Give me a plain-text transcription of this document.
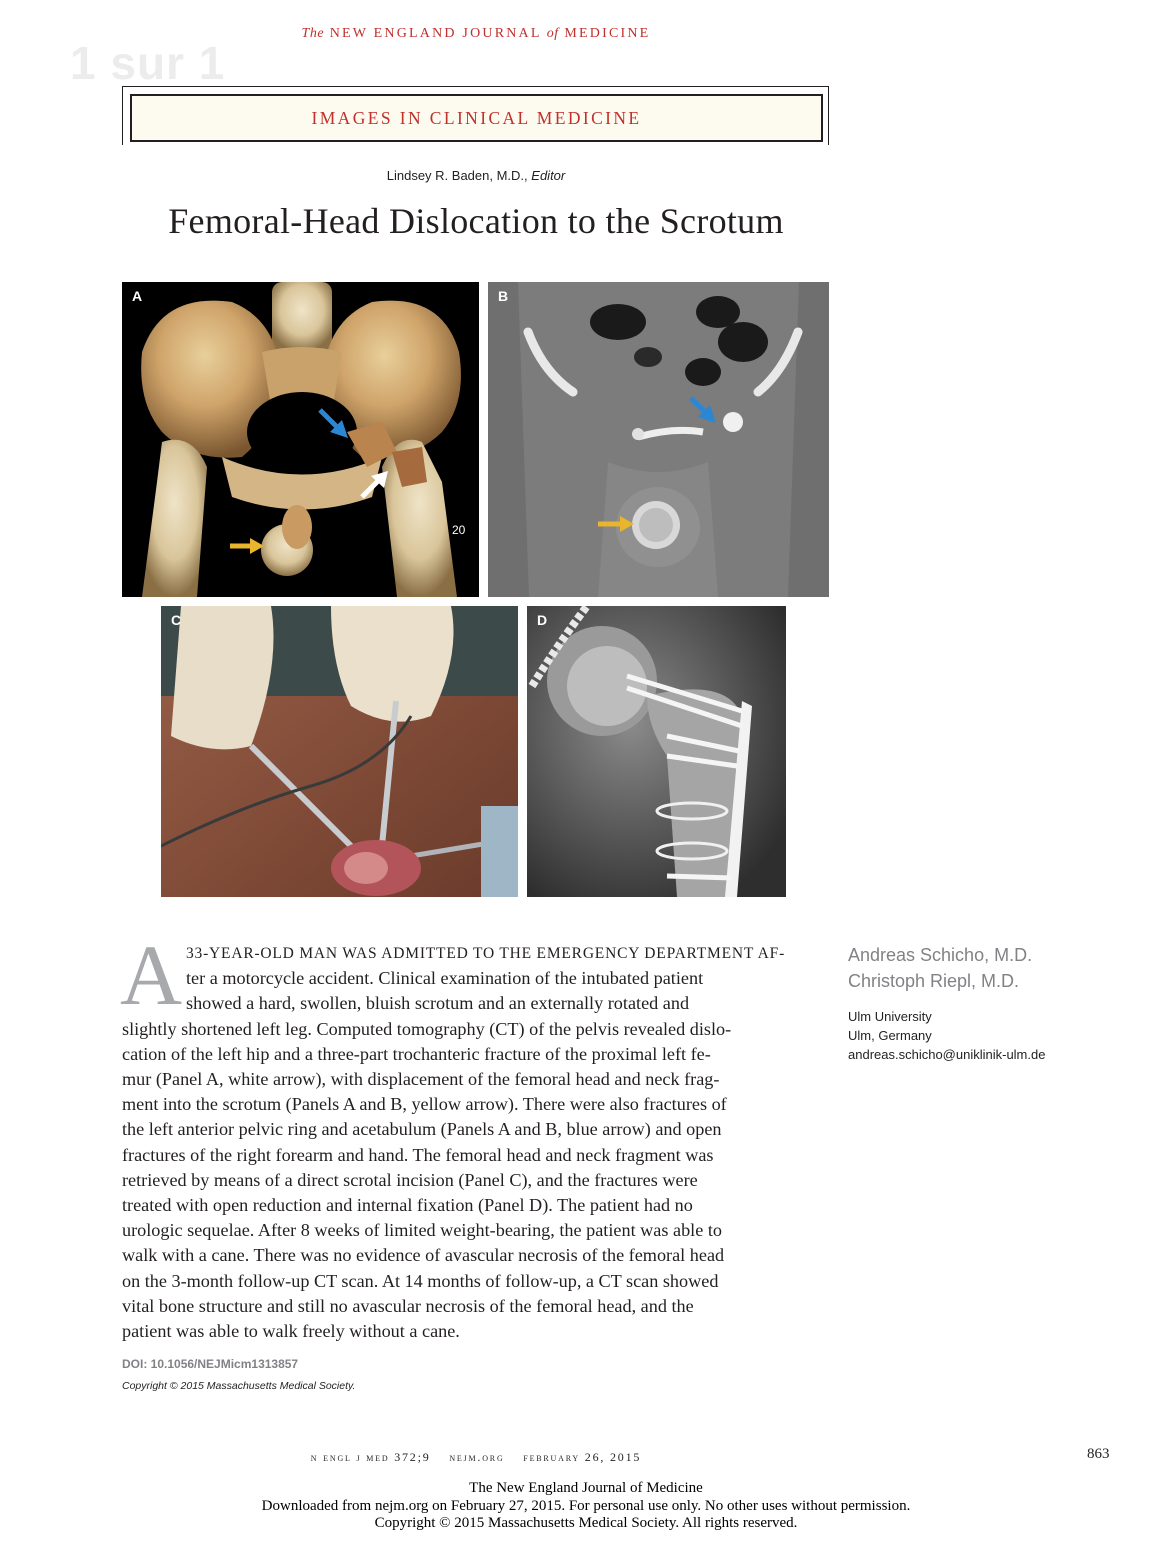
1 sur 1
The NEW ENGLAND JOURNAL of MEDICINE
IMAGES IN CLINICAL MEDICINE
Lindsey R. Baden, M.D., Editor
Femoral-Head Dislocation to the Scrotum
20
A	B
C	D
A 33-YEAR-OLD MAN WAS ADMITTED TO THE EMERGENCY DEPARTMENT AF-
ter a motorcycle accident. Clinical examination of the intubated patient
showed a hard, swollen, bluish scrotum and an externally rotated and
slightly shortened left leg. Computed tomography (CT) of the pelvis revealed dislo-
cation of the left hip and a three-part trochanteric fracture of the proximal left fe-
mur (Panel A, white arrow), with displacement of the femoral head and neck frag-
ment into the scrotum (Panels A and B, yellow arrow). There were also fractures of
the left anterior pelvic ring and acetabulum (Panels A and B, blue arrow) and open
fractures of the right forearm and hand. The femoral head and neck fragment was
retrieved by means of a direct scrotal incision (Panel C), and the fractures were
treated with open reduction and internal fixation (Panel D). The patient had no
urologic sequelae. After 8 weeks of limited weight-bearing, the patient was able to
walk with a cane. There was no evidence of avascular necrosis of the femoral head
on the 3-month follow-up CT scan. At 14 months of follow-up, a CT scan showed
vital bone structure and still no avascular necrosis of the femoral head, and the
patient was able to walk freely without a cane.
Andreas Schicho, M.D.
Christoph Riepl, M.D.
Ulm University
Ulm, Germany
andreas.schicho@uniklinik-ulm.de
DOI: 10.1056/NEJMicm1313857
Copyright © 2015 Massachusetts Medical Society.
n engl j med 372;9 nejm.org february 26, 2015	863
The New England Journal of Medicine
Downloaded from nejm.org on February 27, 2015. For personal use only. No other uses without permission.
Copyright © 2015 Massachusetts Medical Society. All rights reserved.
